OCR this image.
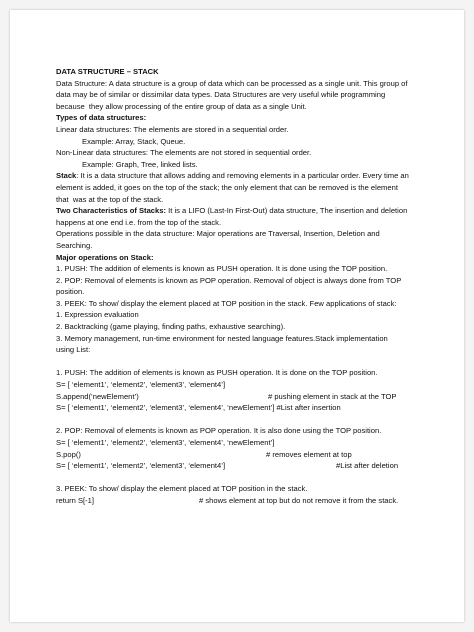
DATA STRUCTURE – STACK
Data Structure: A data structure is a group of data which can be processed as a single unit. This group of
data may be of similar or dissimilar data types. Data Structures are very useful while programming
because  they allow processing of the entire group of data as a single Unit.
Types of data structures:
Linear data structures: The elements are stored in a sequential order.
Example: Array, Stack, Queue.
Non-Linear data structures: The elements are not stored in sequential order.
Example: Graph, Tree, linked lists.
Stack: It is a data structure that allows adding and removing elements in a particular order. Every time an
element is added, it goes on the top of the stack; the only element that can be removed is the element
that  was at the top of the stack.
Two Characteristics of Stacks: It is a LIFO (Last-In First-Out) data structure, The insertion and deletion
happens at one end i.e. from the top of the stack.
Operations possible in the data structure: Major operations are Traversal, Insertion, Deletion and
Searching.
Major operations on Stack:
1. PUSH: The addition of elements is known as PUSH operation. It is done using the TOP position.
2. POP: Removal of elements is known as POP operation. Removal of object is always done from TOP
position.
3. PEEK: To show/ display the element placed at TOP position in the stack. Few applications of stack:
1. Expression evaluation
2. Backtracking (game playing, finding paths, exhaustive searching).
3. Memory management, run-time environment for nested language features.Stack implementation
using List:
1. PUSH: The addition of elements is known as PUSH operation. It is done on the TOP position.
S= [ ‘element1’, ‘element2’, ‘element3’, ‘element4’]
S.append(‘newElement’)	# pushing element in stack at the TOP
S= [ ‘element1’, ‘element2’, ‘element3’, ‘element4’, ‘newElement’] #List after insertion
2. POP: Removal of elements is known as POP operation. It is also done using the TOP position.
S= [ ‘element1’, ‘element2’, ‘element3’, ‘element4’, ‘newElement’]
S.pop()	# removes element at top
S= [ ‘element1’, ‘element2’, ‘element3’, ‘element4’]	#List after deletion
3. PEEK: To show/ display the element placed at TOP position in the stack.
return S[-1]	# shows element at top but do not remove it from the stack.
